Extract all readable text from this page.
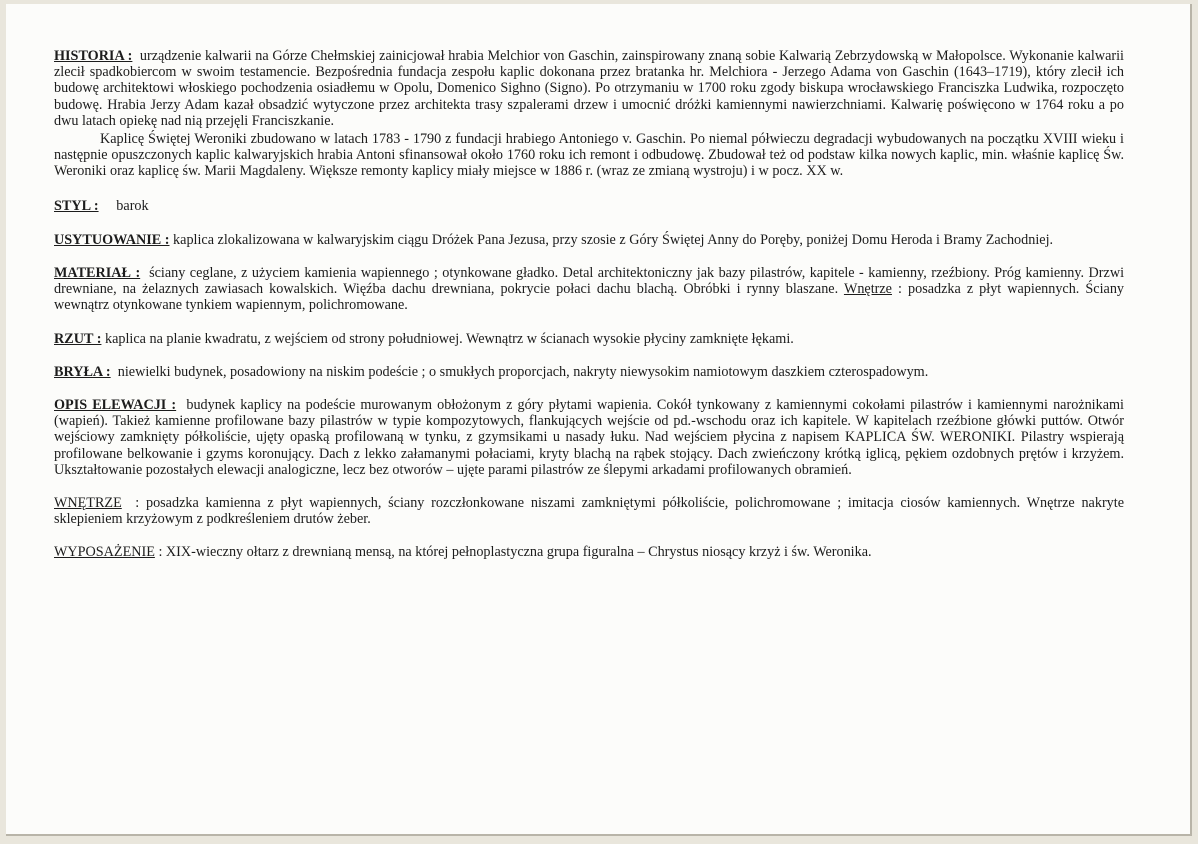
HISTORIA : urządzenie kalwarii na Górze Chełmskiej zainicjował hrabia Melchior von Gaschin, zainspirowany znaną sobie Kalwarią Zebrzydowską w Małopolsce. Wykonanie kalwarii zlecił spadkobiercom w swoim testamencie. Bezpośrednia fundacja zespołu kaplic dokonana przez bratanka hr. Melchiora - Jerzego Adama von Gaschin (1643–1719), który zlecił ich budowę architektowi włoskiego pochodzenia osiadłemu w Opolu, Domenico Sighno (Signo). Po otrzymaniu w 1700 roku zgody biskupa wrocławskiego Franciszka Ludwika, rozpoczęto budowę. Hrabia Jerzy Adam kazał obsadzić wytyczone przez architekta trasy szpalerami drzew i umocnić dróżki kamiennymi nawierzchniami. Kalwarię poświęcono w 1764 roku a po dwu latach opiekę nad nią przejęli Franciszkanie.

Kaplicę Świętej Weroniki zbudowano w latach 1783 - 1790 z fundacji hrabiego Antoniego v. Gaschin. Po niemal półwieczu degradacji wybudowanych na początku XVIII wieku i następnie opuszczonych kaplic kalwaryjskich hrabia Antoni sfinansował około 1760 roku ich remont i odbudowę. Zbudował też od podstaw kilka nowych kaplic, min. właśnie kaplicę Św. Weroniki oraz kaplicę św. Marii Magdaleny. Większe remonty kaplicy miały miejsce w 1886 r. (wraz ze zmianą wystroju) i w pocz. XX w.

STYL : barok

USYTUOWANIE : kaplica zlokalizowana w kalwaryjskim ciągu Dróżek Pana Jezusa, przy szosie z Góry Świętej Anny do Poręby, poniżej Domu Heroda i Bramy Zachodniej.

MATERIAŁ : ściany ceglane, z użyciem kamienia wapiennego ; otynkowane gładko. Detal architektoniczny jak bazy pilastrów, kapitele - kamienny, rzeźbiony. Próg kamienny. Drzwi drewniane, na żelaznych zawiasach kowalskich. Więźba dachu drewniana, pokrycie połaci dachu blachą. Obróbki i rynny blaszane. Wnętrze : posadzka z płyt wapiennych. Ściany wewnątrz otynkowane tynkiem wapiennym, polichromowane.

RZUT : kaplica na planie kwadratu, z wejściem od strony południowej. Wewnątrz w ścianach wysokie płyciny zamknięte łękami.

BRYŁA : niewielki budynek, posadowiony na niskim podeście ; o smukłych proporcjach, nakryty niewysokim namiotowym daszkiem czterospadowym.

OPIS ELEWACJI : budynek kaplicy na podeście murowanym obłożonym z góry płytami wapienia. Cokół tynkowany z kamiennymi cokołami pilastrów i kamiennymi narożnikami (wapień). Takież kamienne profilowane bazy pilastrów w typie kompozytowych, flankujących wejście od pd.-wschodu oraz ich kapitele. W kapitelach rzeźbione główki puttów. Otwór wejściowy zamknięty półkoliście, ujęty opaską profilowaną w tynku, z gzymsikami u nasady łuku. Nad wejściem płycina z napisem KAPLICA ŚW. WERONIKI. Pilastry wspierają profilowane belkowanie i gzyms koronujący. Dach z lekko załamanymi połaciami, kryty blachą na rąbek stojący. Dach zwieńczony krótką iglicą, pękiem ozdobnych prętów i krzyżem. Ukształtowanie pozostałych elewacji analogiczne, lecz bez otworów – ujęte parami pilastrów ze ślepymi arkadami profilowanych obramień.

WNĘTRZE : posadzka kamienna z płyt wapiennych, ściany rozczłonkowane niszami zamkniętymi półkoliście, polichromowane ; imitacja ciosów kamiennych. Wnętrze nakryte sklepieniem krzyżowym z podkreśleniem drutów żeber.

WYPOSAŻENIE : XIX-wieczny ołtarz z drewnianą mensą, na której pełnoplastyczna grupa figuralna – Chrystus niosący krzyż i św. Weronika.
